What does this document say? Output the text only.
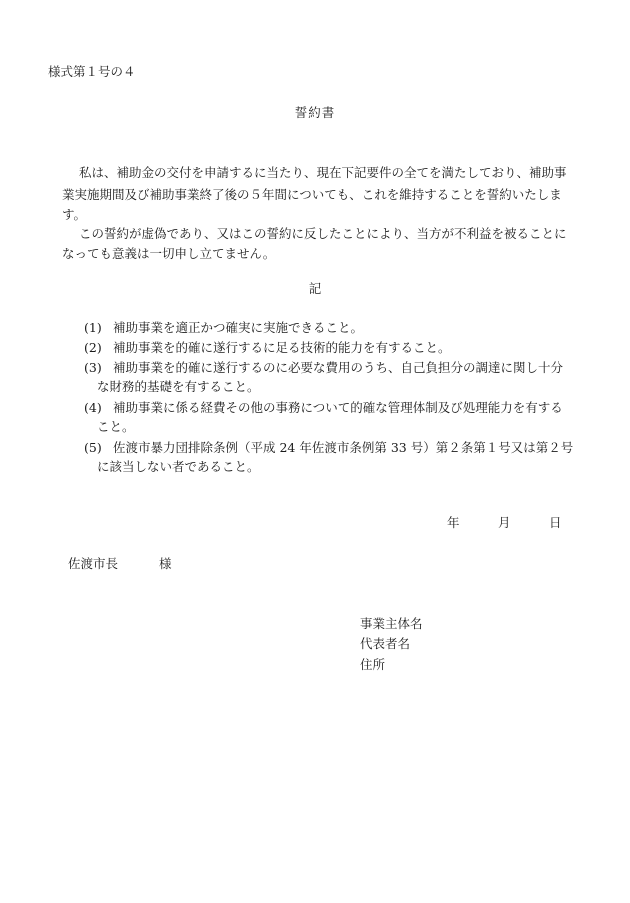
様式第１号の４
誓約書
私は、補助金の交付を申請するに当たり、現在下記要件の全てを満たしており、補助事
業実施期間及び補助事業終了後の５年間についても、これを維持することを誓約いたしま
す。
この誓約が虚偽であり、又はこの誓約に反したことにより、当方が不利益を被ることに
なっても意義は一切申し立てません。
記
(1) 補助事業を適正かつ確実に実施できること。
(2) 補助事業を的確に遂行するに足る技術的能力を有すること。
(3) 補助事業を的確に遂行するのに必要な費用のうち、自己負担分の調達に関し十分
な財務的基礎を有すること。
(4) 補助事業に係る経費その他の事務について的確な管理体制及び処理能力を有する
こと。
(5) 佐渡市暴力団排除条例（平成 24 年佐渡市条例第 33 号）第２条第１号又は第２号
に該当しない者であること。
年	月	日
佐渡市長	様
事業主体名
代表者名
住所
